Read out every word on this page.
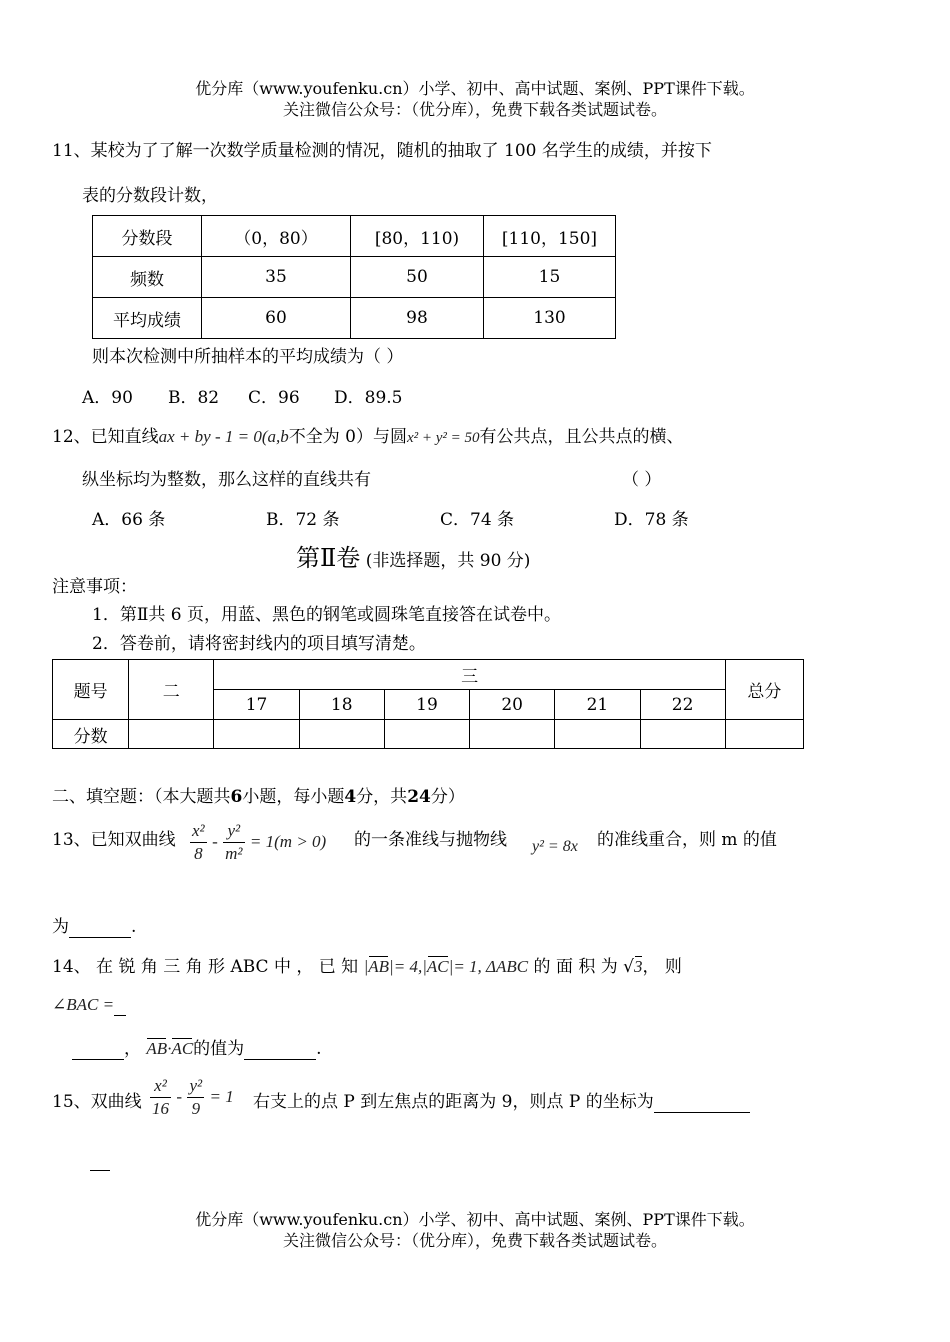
优分库（www.youfenku.cn）小学、初中、高中试题、案例、PPT课件下载。
关注微信公众号：（优分库），免费下载各类试题试卷。
11、某校为了了解一次数学质量检测的情况，随机的抽取了 100 名学生的成绩，并按下
表的分数段计数，
分数段	（0，80）	[80，110)	[110，150]
频数	35	50	15
平均成绩	60	98	130
则本次检测中所抽样本的平均成绩为（ ）
A．90 B．82 C．96 D．89.5
12、已知直线ax + by - 1 = 0(a,b不全为 0）与圆x² + y² = 50有公共点，且公共点的横、
纵坐标均为整数，那么这样的直线共有	（ ）
A．66 条	B．72 条	C．74 条	D．78 条
第Ⅱ卷 (非选择题，共 90 分)
注意事项：
1．第Ⅱ共 6 页，用蓝、黑色的钢笔或圆珠笔直接答在试卷中。
2．答卷前，请将密封线内的项目填写清楚。
题号	二	三						总分
		17	18	19	20	21	22	
分数								
二、填空题：（本大题共6小题，每小题4分，共24分）
13、已知双曲线 $\frac{\text{x²}}{8} - \frac{\text{y²}}{\text{m²}} = 1(m > 0)$ 的一条准线与抛物线 y² = 8x 的准线重合，则 m 的值
为	.
14、 在 锐 角 三 角 形 ABC 中 ， 已 知 |AB|= 4,|AC|= 1, ΔABC 的 面 积 为 √3， 则
∠BAC =
， AB·AC的值为	.
15、双曲线 $\frac{\text{x²}}{16} - \frac{\text{y²}}{9} = 1$ 右支上的点 P 到左焦点的距离为 9，则点 P 的坐标为

优分库（www.youfenku.cn）小学、初中、高中试题、案例、PPT课件下载。
关注微信公众号：（优分库），免费下载各类试题试卷。
